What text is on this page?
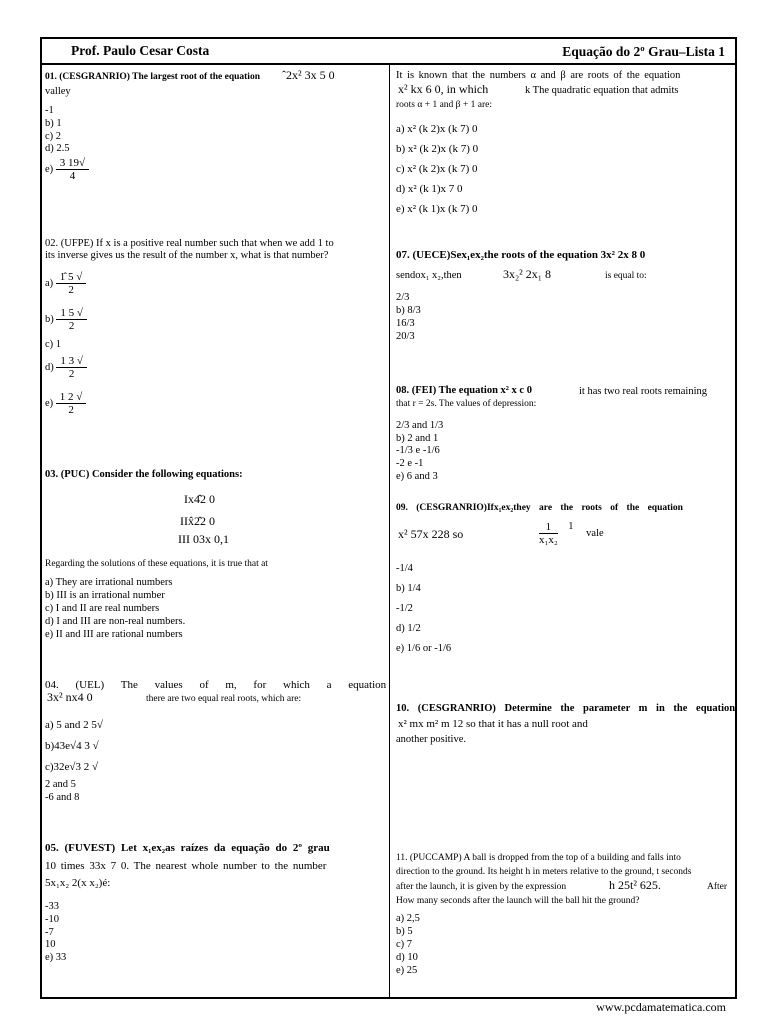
Prof. Paulo Cesar Costa	Equação do 2º Grau–Lista 1
01. (CESGRANRIO) The largest root of the equation ˆ2x² 3x 5 0
valley
-1
b) 1
c) 2
d) 2.5
$e) \frac{3 19√}{4}$
02. (UFPE) If x is a positive real number such that when we add 1 to
its inverse gives us the result of the number x, what is that number?
$a) \frac{1̂ 5 √}{2}$
$b) \frac{1 5 √}{2}$
c) 1
$d) \frac{1 3 √}{2}$
$e) \frac{1 2 √}{2}$
03. (PUC) Consider the following equations:
Ix4̂2 0
IIx̂2̂2 0
III 03x 0,1
Regarding the solutions of these equations, it is true that at
a) They are irrational numbers
b) III is an irrational number
c) I and II are real numbers
d) I and III are non-real numbers.
e) II and III are rational numbers
04. (UEL) The values of m, for which a equation
3x² nx4 0	there are two equal real roots, which are:
a) 5 and 2 5√
b)43e√4 3 √
c)32e√3 2 √
2 and 5
-6 and 8
05. (FUVEST) Let x₁ex₂as raízes da equação do 2º grau
10 times 33x 7 0. The nearest whole number to the number
5x₁x₂ 2(x x₂)é:
-33
-10
-7
10
e) 33
It is known that the numbers α and β are roots of the equation
x² kx 6 0, in which	k The quadratic equation that admits
roots α + 1 and β + 1 are:
a) x² (k 2)x (k 7) 0
b) x² (k 2)x (k 7) 0
c) x² (k 2)x (k 7) 0
d) x² (k 1)x 7 0
e) x² (k 1)x (k 7) 0
07. (UECE)Sex₁ex₂the roots of the equation 3x² 2x 8 0
sendox₁ x₂,then	3x₂² 2x₁ 8	is equal to:
2/3
b) 8/3
16/3
20/3
08. (FEI) The equation x² x c 0	it has two real roots remaining
that r = 2s. The values of depression:
2/3 and 1/3
b) 2 and 1
-1/3 e -1/6
-2 e -1
e) 6 and 3
09. (CESGRANRIO)Ifx₁ex₂they are the roots of the equation
x² 57x 228 so	$\frac{1}{\text{x₁x₂}} 1$ vale
-1/4
b) 1/4
-1/2
d) 1/2
e) 1/6 or -1/6
10. (CESGRANRIO) Determine the parameter m in the equation
x² mx m² m 12 so that it has a null root and
another positive.
11. (PUCCAMP) A ball is dropped from the top of a building and falls into
direction to the ground. Its height h in meters relative to the ground, t seconds
after the launch, it is given by the expression	h 25t² 625.	After
How many seconds after the launch will the ball hit the ground?
a) 2,5
b) 5
c) 7
d) 10
e) 25
www.pcdamatematica.com
